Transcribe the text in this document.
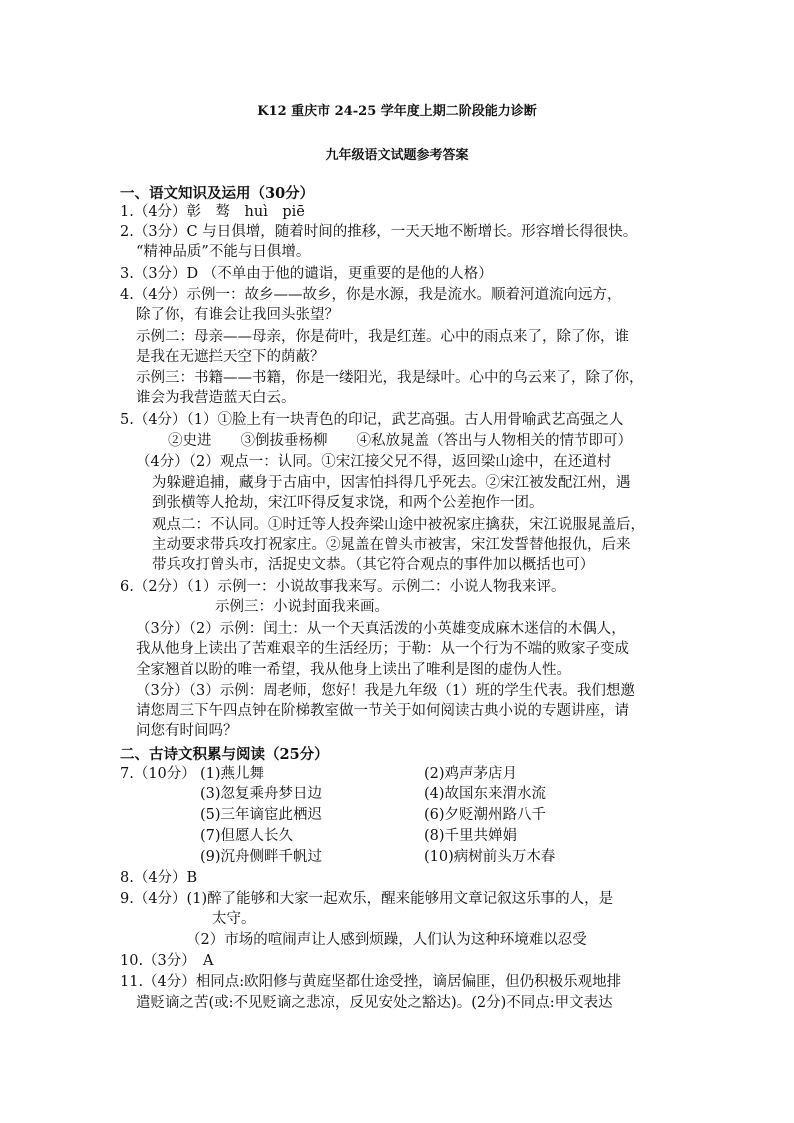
K12 重庆市 24-25 学年度上期二阶段能力诊断
九年级语文试题参考答案
一、语文知识及运用（30分）
1.（4分）彰　骜　huì　piē
2.（3分）C 与日俱增，随着时间的推移，一天天地不断增长。形容增长得很快。
“精神品质”不能与日俱增。
3.（3分）D （不单由于他的谴诣，更重要的是他的人格）
4.（4分）示例一：故乡——故乡，你是水源，我是流水。顺着河道流向远方，
除了你，有谁会让我回头张望？
示例二：母亲——母亲，你是荷叶，我是红莲。心中的雨点来了，除了你，谁
是我在无遮拦天空下的荫蔽？
示例三：书籍——书籍，你是一缕阳光，我是绿叶。心中的乌云来了，除了你，
谁会为我营造蓝天白云。
5.（4分）（1）①脸上有一块青色的印记，武艺高强。古人用骨喻武艺高强之人
②史进　　③倒拔垂杨柳　　④私放晁盖（答出与人物相关的情节即可）
（4分）（2）观点一：认同。①宋江接父兄不得，返回梁山途中，在还道村
为躲避追捕，藏身于古庙中，因害怕抖得几乎死去。②宋江被发配江州，遇
到张横等人抢劫，宋江吓得反复求饶，和两个公差抱作一团。
观点二：不认同。①时迁等人投奔梁山途中被祝家庄擒获，宋江说服晁盖后，
主动要求带兵攻打祝家庄。②晁盖在曾头市被害，宋江发誓替他报仇，后来
带兵攻打曾头市，活捉史文恭。（其它符合观点的事件加以概括也可）
6.（2分）（1）示例一：小说故事我来写。示例二：小说人物我来评。
示例三：小说封面我来画。
（3分）（2）示例：闰土：从一个天真活泼的小英雄变成麻木迷信的木偶人，
我从他身上读出了苦难艰辛的生活经历；于勒：从一个行为不端的败家子变成
全家翘首以盼的唯一希望，我从他身上读出了唯利是图的虚伪人性。
（3分）（3）示例：周老师，您好！我是九年级（1）班的学生代表。我们想邀
请您周三下午四点钟在阶梯教室做一节关于如何阅读古典小说的专题讲座，请
问您有时间吗？
二、古诗文积累与阅读（25分）
7.（10分） (1)燕儿舞	(2)鸡声茅店月
(3)忽复乘舟梦日边	(4)故国东来渭水流
(5)三年谪宦此栖迟	(6)夕贬潮州路八千
(7)但愿人长久	(8)千里共婵娟
(9)沉舟侧畔千帆过	(10)病树前头万木春
8.（4分）B
9.（4分）(1)醉了能够和大家一起欢乐，醒来能够用文章记叙这乐事的人，是
太守。
（2）市场的喧闹声让人感到烦躁，人们认为这种环境难以忍受
10.（3分）　A
11.（4分）相同点:欧阳修与黄庭坚都仕途受挫，谪居偏匪，但仍积极乐观地排
遣贬谪之苦(或:不见贬谪之悲凉，反见安处之豁达)。(2分)不同点:甲文表达
